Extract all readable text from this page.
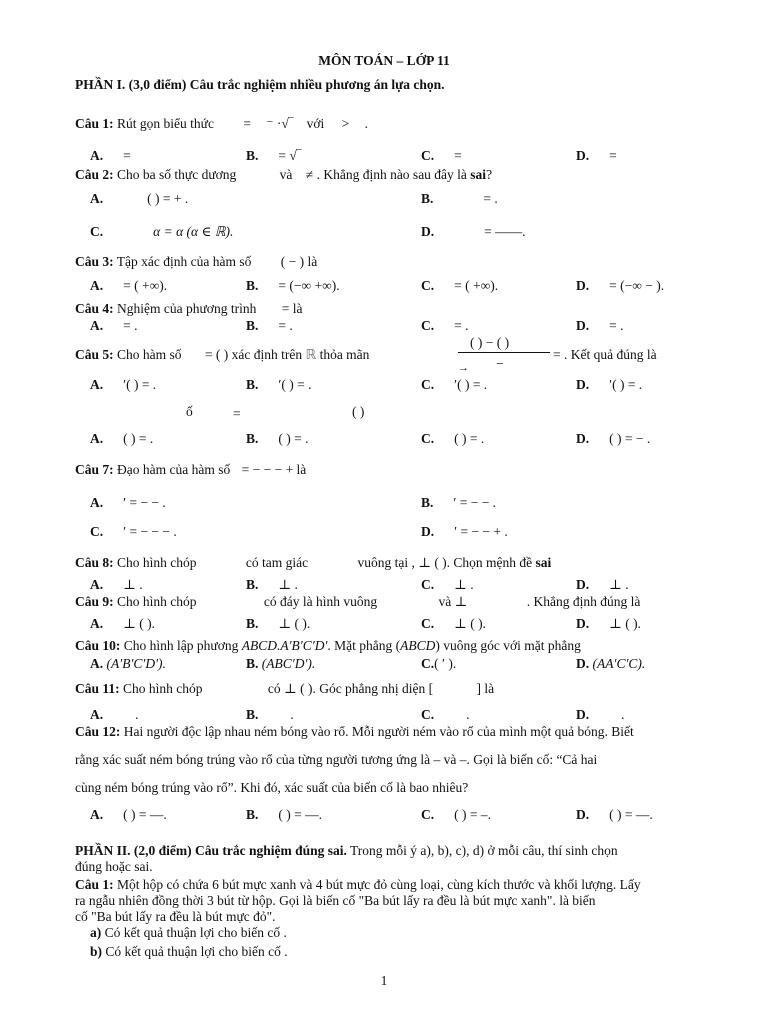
MÔN TOÁN – LỚP 11
PHẦN I. (3,0 điểm) Câu trắc nghiệm nhiều phương án lựa chọn.
Câu 1: Rút gọn biểu thức = ⁻ ·√‾ với > .
A. =	B. = √‾	C. =	D. =
Câu 2: Cho ba số thực dương	và ≠ . Khẳng định nào sau đây là sai?
A.	( ) = + .	B.	= .
C.	α = α (α ∈ ℝ).	D.	= ——.
Câu 3: Tập xác định của hàm số ( − ) là
A. = ( +∞).	B. = (−∞ +∞).	C. = ( +∞).	D. = (−∞ − ).
Câu 4: Nghiệm của phương trình = là
A. = .	B. = .	C. = .	D. = .
Câu 5: Cho hàm số = ( ) xác định trên ℝ thỏa mãn
( ) − ( )
−
→
= . Kết quả đúng là
A. ′( ) = .	B. ′( ) = .	C. ′( ) = .	D. ′( ) = .
ố	=	( )
A. ( ) = .	B. ( ) = .	C. ( ) = .	D. ( ) = − .
Câu 7: Đạo hàm của hàm số = − − − + là
A. ′ = − − .	B. ′ = − − .
C. ′ = − − − .	D. ′ = − − + .
Câu 8: Cho hình chóp	có tam giác	vuông tại , ⊥ ( ). Chọn mệnh đề sai
A. ⊥ .	B. ⊥ .	C. ⊥ .	D. ⊥ .
Câu 9: Cho hình chóp	có đáy là hình vuông	và ⊥	. Khẳng định đúng là
A. ⊥ ( ).	B. ⊥ ( ).	C. ⊥ ( ).	D. ⊥ ( ).
Câu 10: Cho hình lập phương ABCD.A′B′C′D′. Mặt phẳng (ABCD) vuông góc với mặt phẳng
A. (A′B′C′D′).	B. (ABC′D′).	C.( ′ ).	D. (AA′C′C).
Câu 11: Cho hình chóp	có ⊥ ( ). Góc phẳng nhị diện [	] là
A. .	B. .	C. .	D. .
Câu 12: Hai người độc lập nhau ném bóng vào rổ. Mỗi người ném vào rổ của mình một quả bóng. Biết
rằng xác suất ném bóng trúng vào rổ của từng người tương ứng là – và –. Gọi là biến cố: “Cả hai
cùng ném bóng trúng vào rổ”. Khi đó, xác suất của biến cố là bao nhiêu?
A. ( ) = —.	B. ( ) = —.	C. ( ) = –.	D. ( ) = —.
PHẦN II. (2,0 điểm) Câu trắc nghiệm đúng sai. Trong mỗi ý a), b), c), d) ở mỗi câu, thí sinh chọn
đúng hoặc sai.
Câu 1: Một hộp có chứa 6 bút mực xanh và 4 bút mực đỏ cùng loại, cùng kích thước và khối lượng. Lấy
ra ngẫu nhiên đồng thời 3 bút từ hộp. Gọi là biến cố "Ba bút lấy ra đều là bút mực xanh". là biến
cố "Ba bút lấy ra đều là bút mực đỏ".
a) Có kết quả thuận lợi cho biến cố .
b) Có kết quả thuận lợi cho biến cố .
1
